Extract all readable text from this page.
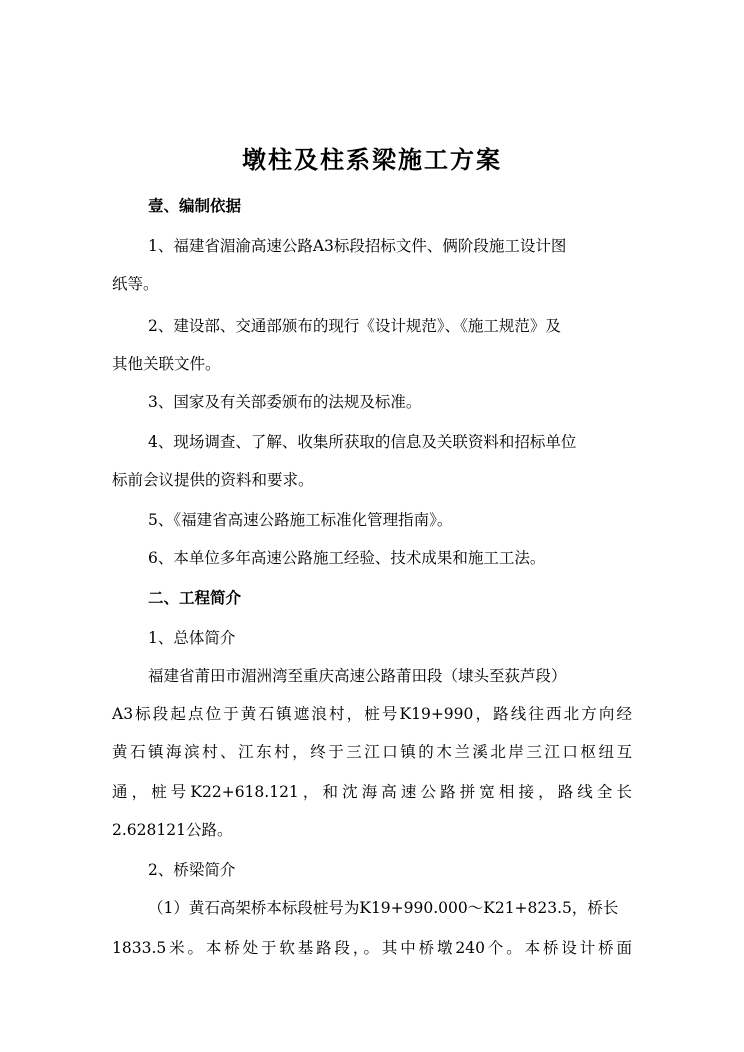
墩柱及柱系梁施工方案
壹、编制依据
1、福建省湄渝高速公路A3标段招标文件、俩阶段施工设计图
纸等。
2、建设部、交通部颁布的现行《设计规范》、《施工规范》及
其他关联文件。
3、国家及有关部委颁布的法规及标准。
4、现场调查、了解、收集所获取的信息及关联资料和招标单位
标前会议提供的资料和要求。
5、《福建省高速公路施工标准化管理指南》。
6、本单位多年高速公路施工经验、技术成果和施工工法。
二、工程简介
1、总体简介
福建省莆田市湄洲湾至重庆高速公路莆田段（埭头至荻芦段）
A3标段起点位于黄石镇遮浪村，桩号K19+990，路线往西北方向经
黄石镇海滨村、江东村，终于三江口镇的木兰溪北岸三江口枢纽互
通，桩号K22+618.121，和沈海高速公路拼宽相接，路线全长
2.628121公路。
2、桥梁简介
（1）黄石高架桥本标段桩号为K19+990.000～K21+823.5，桥长
1833.5米。本桥处于软基路段，。其中桥墩240个。本桥设计桥面
